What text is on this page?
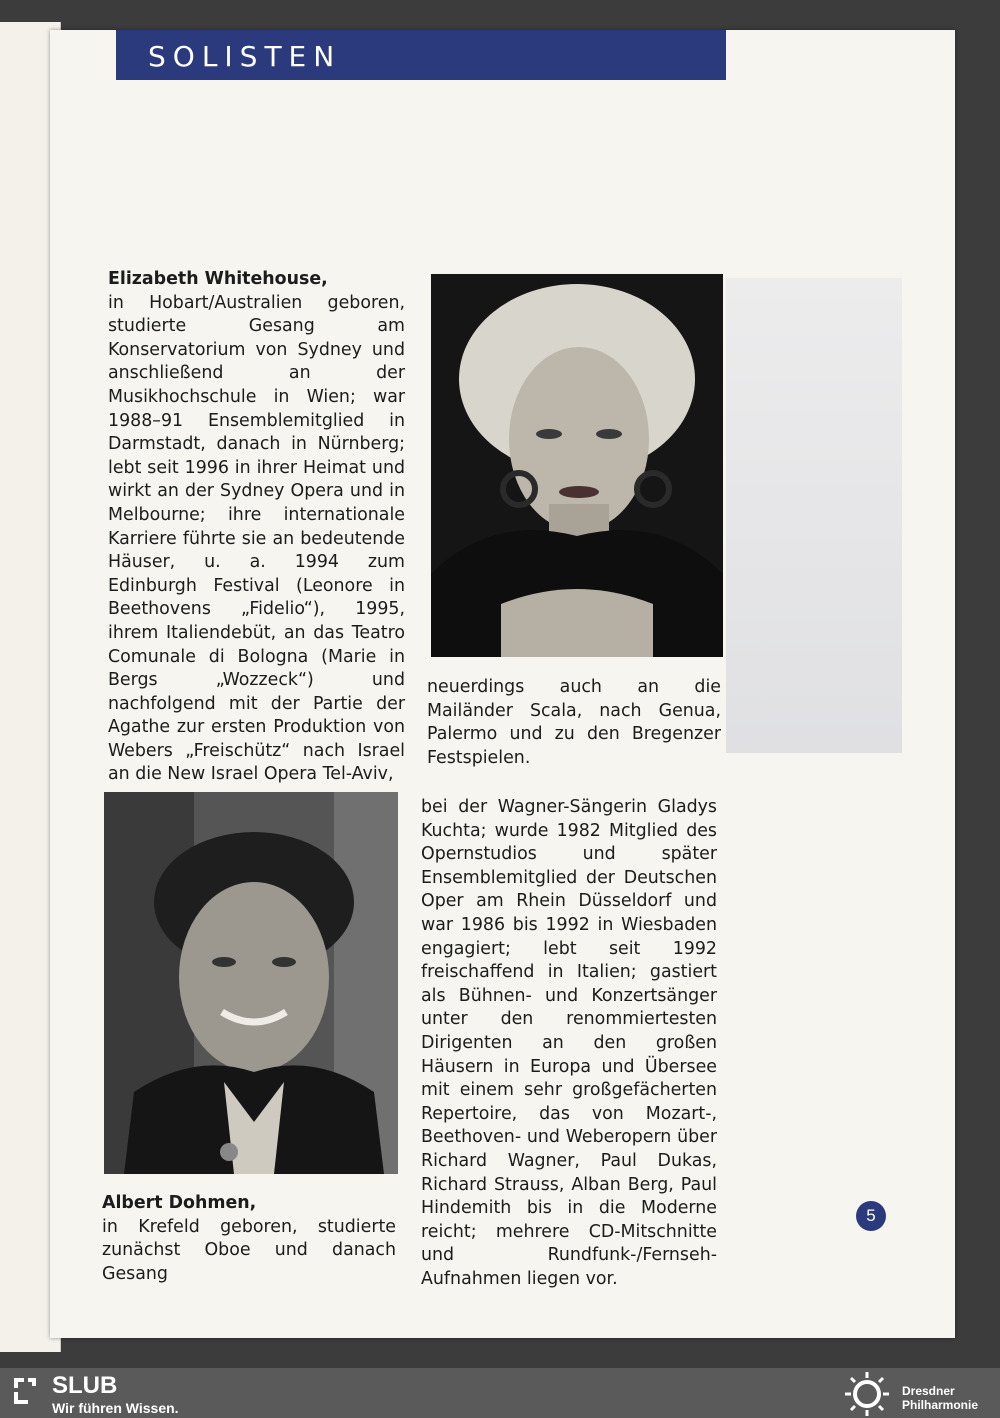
SOLISTEN
Elizabeth Whitehouse,
in Hobart/Australien geboren, studierte Gesang am Konservatorium von Sydney und anschließend an der Musikhochschule in Wien; war 1988–91 Ensemblemitglied in Darmstadt, danach in Nürnberg; lebt seit 1996 in ihrer Heimat und wirkt an der Sydney Opera und in Melbourne; ihre internationale Karriere führte sie an bedeutende Häuser, u. a. 1994 zum Edinburgh Festival (Leonore in Beethovens „Fidelio“), 1995, ihrem Italiendebüt, an das Teatro Comunale di Bologna (Marie in Bergs „Wozzeck“) und nachfolgend mit der Partie der Agathe zur ersten Produktion von Webers „Freischütz“ nach Israel an die New Israel Opera Tel-Aviv,
neuerdings auch an die Mailänder Scala, nach Genua, Palermo und zu den Bregenzer Festspielen.
Albert Dohmen,
in Krefeld geboren, studierte zunächst Oboe und danach Gesang
bei der Wagner-Sängerin Gladys Kuchta; wurde 1982 Mitglied des Opernstudios und später Ensemblemitglied der Deutschen Oper am Rhein Düsseldorf und war 1986 bis 1992 in Wiesbaden engagiert; lebt seit 1992 freischaffend in Italien; gastiert als Bühnen- und Konzertsänger unter den renommiertesten Dirigenten an den großen Häusern in Europa und Übersee mit einem sehr großgefächerten Repertoire, das von Mozart-, Beethoven- und Weberopern über Richard Wagner, Paul Dukas, Richard Strauss, Alban Berg, Paul Hindemith bis in die Moderne reicht; mehrere CD-Mitschnitte und Rundfunk-/Fernseh-Aufnahmen liegen vor.
5
SLUB
Wir führen Wissen.
Dresdner
Philharmonie
